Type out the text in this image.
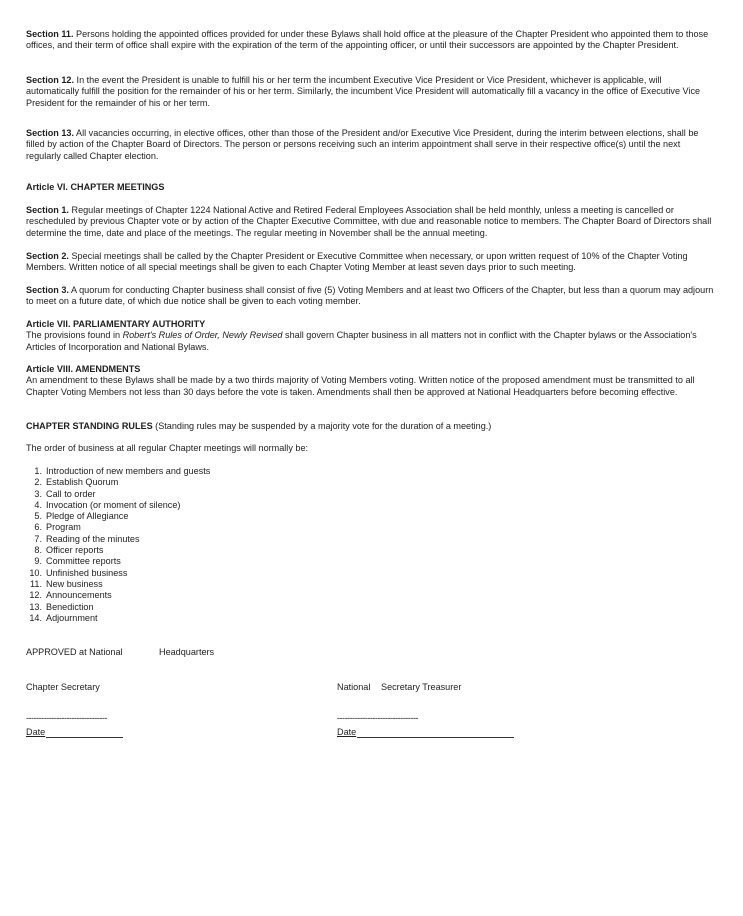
Section 11. Persons holding the appointed offices provided for under these Bylaws shall hold office at the pleasure of the Chapter President who appointed them to those offices, and their term of office shall expire with the expiration of the term of the appointing officer, or until their successors are appointed by the Chapter President.

Section 12. In the event the President is unable to fulfill his or her term the incumbent Executive Vice President or Vice President, whichever is applicable, will automatically fulfill the position for the remainder of his or her term. Similarly, the incumbent Vice President will automatically fill a vacancy in the office of Executive Vice President for the remainder of his or her term.

Section 13. All vacancies occurring, in elective offices, other than those of the President and/or Executive Vice President, during the interim between elections, shall be filled by action of the Chapter Board of Directors. The person or persons receiving such an interim appointment shall serve in their respective office(s) until the next regularly called Chapter election.

Article VI. CHAPTER MEETINGS

Section 1. Regular meetings of Chapter 1224 National Active and Retired Federal Employees Association shall be held monthly, unless a meeting is cancelled or rescheduled by previous Chapter vote or by action of the Chapter Executive Committee, with due and reasonable notice to members. The Chapter Board of Directors shall determine the time, date and place of the meetings. The regular meeting in November shall be the annual meeting.

Section 2. Special meetings shall be called by the Chapter President or Executive Committee when necessary, or upon written request of 10% of the Chapter Voting Members. Written notice of all special meetings shall be given to each Chapter Voting Member at least seven days prior to such meeting.

Section 3. A quorum for conducting Chapter business shall consist of five (5) Voting Members and at least two Officers of the Chapter, but less than a quorum may adjourn to meet on a future date, of which due notice shall be given to each voting member.

Article VII. PARLIAMENTARY AUTHORITY

The provisions found in Robert's Rules of Order, Newly Revised shall govern Chapter business in all matters not in conflict with the Chapter bylaws or the Association's Articles of Incorporation and National Bylaws.

Article VIII. AMENDMENTS

An amendment to these Bylaws shall be made by a two thirds majority of Voting Members voting. Written notice of the proposed amendment must be transmitted to all Chapter Voting Members not less than 30 days before the vote is taken. Amendments shall then be approved at National Headquarters before becoming effective.

CHAPTER STANDING RULES (Standing rules may be suspended by a majority vote for the duration of a meeting.)

The order of business at all regular Chapter meetings will normally be:
1. Introduction of new members and guests
2. Establish Quorum
3. Call to order
4. Invocation (or moment of silence)
5. Pledge of Allegiance
6. Program
7. Reading of the minutes
8. Officer reports
9. Committee reports
10. Unfinished business
11. New business
12. Announcements
13. Benediction
14. Adjournment
APPROVED at National	Headquarters
Chapter Secretary	National Secretary Treasurer
--------------------------------	--------------------------------
Date	Date
